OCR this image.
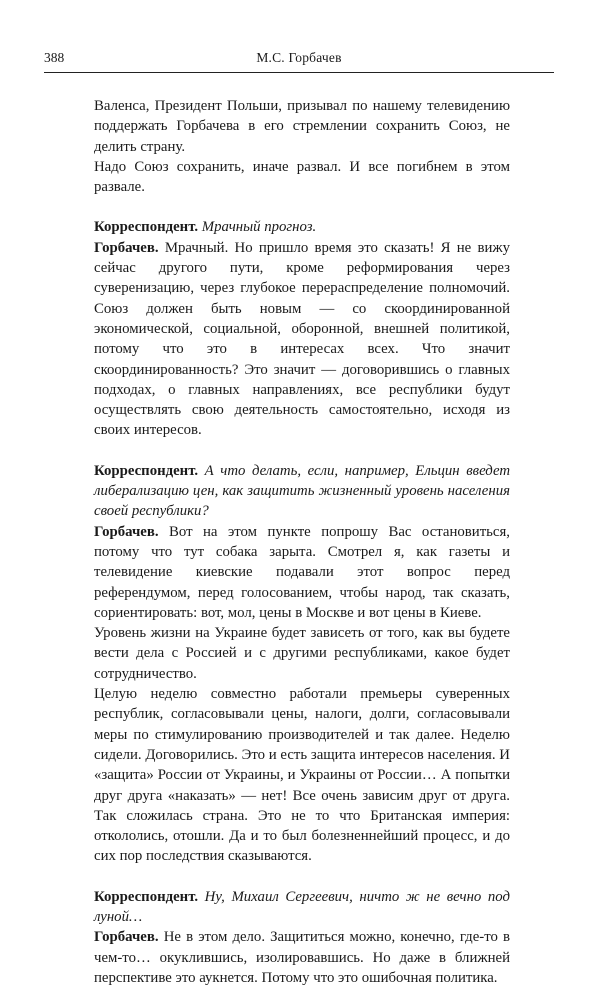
388	М.С. Горбачев

Валенса, Президент Польши, призывал по нашему телевидению поддержать Горбачева в его стремлении сохранить Союз, не делить страну.

Надо Союз сохранить, иначе развал. И все погибнем в этом развале.

Корреспондент. Мрачный прогноз.

Горбачев. Мрачный. Но пришло время это сказать! Я не вижу сейчас другого пути, кроме реформирования через суверенизацию, через глубокое перераспределение полномочий. Союз должен быть новым — со скоординированной экономической, социальной, оборонной, внешней политикой, потому что это в интересах всех. Что значит скоординированность? Это значит — договорившись о главных подходах, о главных направлениях, все республики будут осуществлять свою деятельность самостоятельно, исходя из своих интересов.

Корреспондент. А что делать, если, например, Ельцин введет либерализацию цен, как защитить жизненный уровень населения своей республики?

Горбачев. Вот на этом пункте попрошу Вас остановиться, потому что тут собака зарыта. Смотрел я, как газеты и телевидение киевские подавали этот вопрос перед референдумом, перед голосованием, чтобы народ, так сказать, сориентировать: вот, мол, цены в Москве и вот цены в Киеве.

Уровень жизни на Украине будет зависеть от того, как вы будете вести дела с Россией и с другими республиками, какое будет сотрудничество.

Целую неделю совместно работали премьеры суверенных республик, согласовывали цены, налоги, долги, согласовывали меры по стимулированию производителей и так далее. Неделю сидели. Договорились. Это и есть защита интересов населения. И «защита» России от Украины, и Украины от России… А попытки друг друга «наказать» — нет! Все очень зависим друг от друга. Так сложилась страна. Это не то что Британская империя: откололись, отошли. Да и то был болезненнейший процесс, и до сих пор последствия сказываются.

Корреспондент. Ну, Михаил Сергеевич, ничто ж не вечно под луной…

Горбачев. Не в этом дело. Защититься можно, конечно, где-то в чем-то… окуклившись, изолировавшись. Но даже в ближней перспективе это аукнется. Потому что это ошибочная политика.
